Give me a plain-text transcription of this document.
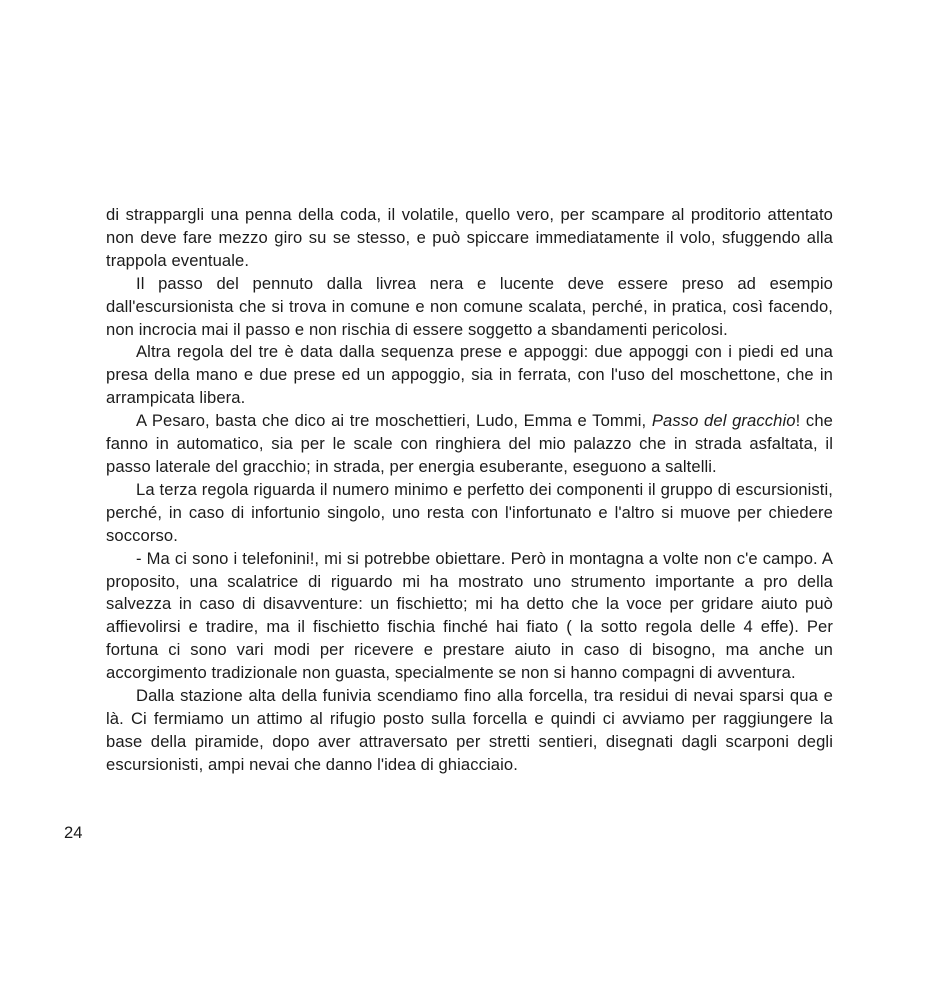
di strappargli una penna della coda, il volatile, quello vero, per scampare al proditorio attentato non deve fare mezzo giro su se stesso, e può spiccare immediatamente il volo, sfuggendo alla trappola eventuale.

Il passo del pennuto dalla livrea nera e lucente deve essere preso ad esempio dall'escursionista che si trova in comune e non comune scalata, perché, in pratica, così facendo, non incrocia mai il passo e non rischia di essere soggetto a sbandamenti pericolosi.

Altra regola del tre è data dalla sequenza prese e appoggi: due appoggi con i piedi ed una presa della mano e due prese ed un appoggio, sia in ferrata, con l'uso del moschettone, che in arrampicata libera.

A Pesaro, basta che dico ai tre moschettieri, Ludo, Emma e Tommi, Passo del gracchio! che fanno in automatico, sia per le scale con ringhiera del mio palazzo che in strada asfaltata, il passo laterale del gracchio; in strada, per energia esuberante, eseguono a saltelli.

La terza regola riguarda il numero minimo e perfetto dei componenti il gruppo di escursionisti, perché, in caso di infortunio singolo, uno resta con l'infortunato e l'altro si muove per chiedere soccorso.

- Ma ci sono i telefonini!, mi si potrebbe obiettare. Però in montagna a volte non c'e campo. A proposito, una scalatrice di riguardo mi ha mostrato uno strumento importante a pro della salvezza in caso di disavventure: un fischietto; mi ha detto che la voce per gridare aiuto può affievolirsi e tradire, ma il fischietto fischia finché hai fiato ( la sotto regola delle 4 effe). Per fortuna ci sono vari modi per ricevere e prestare aiuto in caso di bisogno, ma anche un accorgimento tradizionale non guasta, specialmente se non si hanno compagni di avventura.

Dalla stazione alta della funivia scendiamo fino alla forcella, tra residui di nevai sparsi qua e là. Ci fermiamo un attimo al rifugio posto sulla forcella e quindi ci avviamo per raggiungere la base della piramide, dopo aver attraversato per stretti sentieri, disegnati dagli scarponi degli escursionisti, ampi nevai che danno l'idea di ghiacciaio.

24
